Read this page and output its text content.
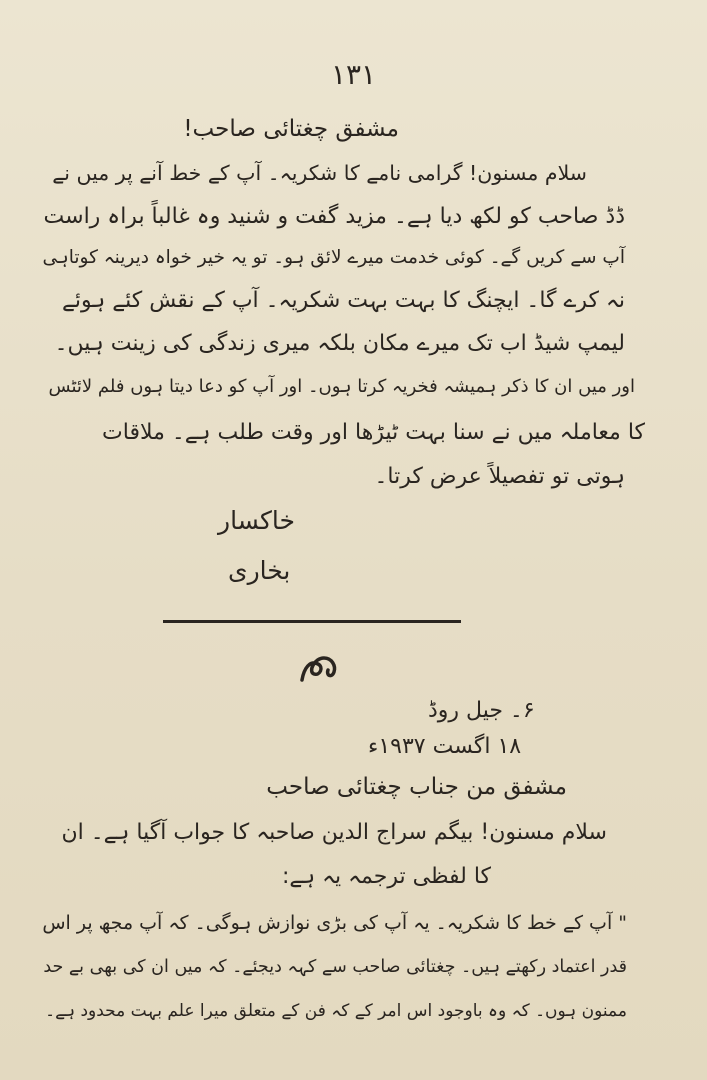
۱۳۱
مشفق چغتائی صاحب!
سلام مسنون! گرامی نامے کا شکریہ۔ آپ کے خط آنے پر میں نے
ڈڈ صاحب کو لکھ دیا ہے۔ مزید گفت و شنید وہ غالباً براہ راست
آپ سے کریں گے۔ کوئی خدمت میرے لائق ہو۔ تو یہ خیر خواہ دیرینہ کوتاہی
نہ کرے گا۔ ایچنگ کا بہت بہت شکریہ۔ آپ کے نقش کئے ہوئے
لیمپ شیڈ اب تک میرے مکان بلکہ میری زندگی کی زینت ہیں۔
اور میں ان کا ذکر ہمیشہ فخریہ کرتا ہوں۔ اور آپ کو دعا دیتا ہوں فلم لائٹس
کا معاملہ میں نے سنا بہت ٹیڑھا اور وقت طلب ہے۔ ملاقات
ہوتی تو تفصیلاً عرض کرتا۔
خاکسار
بخاری
۶۔ جیل روڈ
۱۸ اگست ۱۹۳۷ء
مشفق من جناب چغتائی صاحب
سلام مسنون! بیگم سراج الدین صاحبہ کا جواب آگیا ہے۔ ان
کا لفظی ترجمہ یہ ہے:
" آپ کے خط کا شکریہ۔ یہ آپ کی بڑی نوازش ہوگی۔ کہ آپ مجھ پر اس
قدر اعتماد رکھتے ہیں۔ چغتائی صاحب سے کہہ دیجئے۔ کہ میں ان کی بھی بے حد
ممنون ہوں۔ کہ وہ باوجود اس امر کے کہ فن کے متعلق میرا علم بہت محدود ہے۔
